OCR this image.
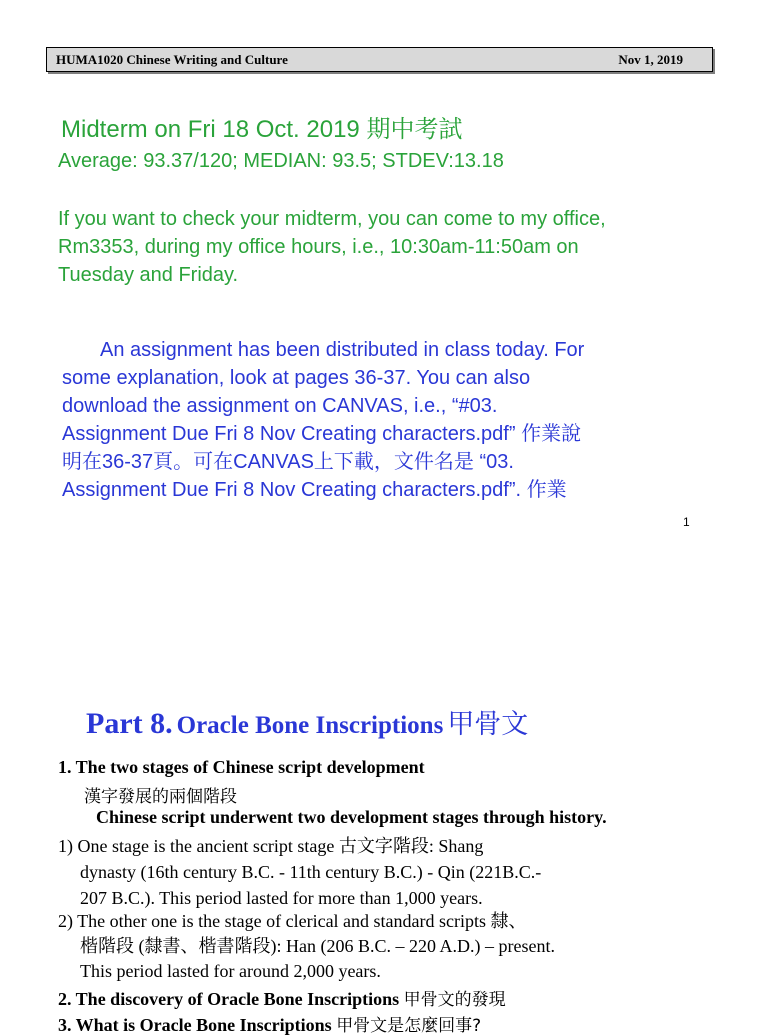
HUMA1020 Chinese Writing and Culture	Nov 1, 2019
Midterm on Fri 18 Oct. 2019 期中考試
Average: 93.37/120; MEDIAN: 93.5; STDEV:13.18
If you want to check your midterm, you can come to my office,
Rm3353, during my office hours, i.e., 10:30am-11:50am on
Tuesday and Friday.
An assignment has been distributed in class today. For
some explanation, look at pages 36-37. You can also
download the assignment on CANVAS, i.e., “#03.
Assignment Due Fri 8 Nov Creating characters.pdf” 作業說
明在36-37頁。可在CANVAS上下載，文件名是 “03.
Assignment Due Fri 8 Nov Creating characters.pdf”. 作業
1
Part 8. Oracle Bone Inscriptions 甲骨文
1. The two stages of Chinese script development
漢字發展的兩個階段
Chinese script underwent two development stages through history.
1) One stage is the ancient script stage 古文字階段: Shang
dynasty (16th century B.C. - 11th century B.C.) - Qin (221B.C.-
207 B.C.). This period lasted for more than 1,000 years.
2) The other one is the stage of clerical and standard scripts 隸、
楷階段 (隸書、楷書階段): Han (206 B.C. – 220 A.D.) – present.
This period lasted for around 2,000 years.
2. The discovery of Oracle Bone Inscriptions 甲骨文的發現
3. What is Oracle Bone Inscriptions 甲骨文是怎麼回事?
